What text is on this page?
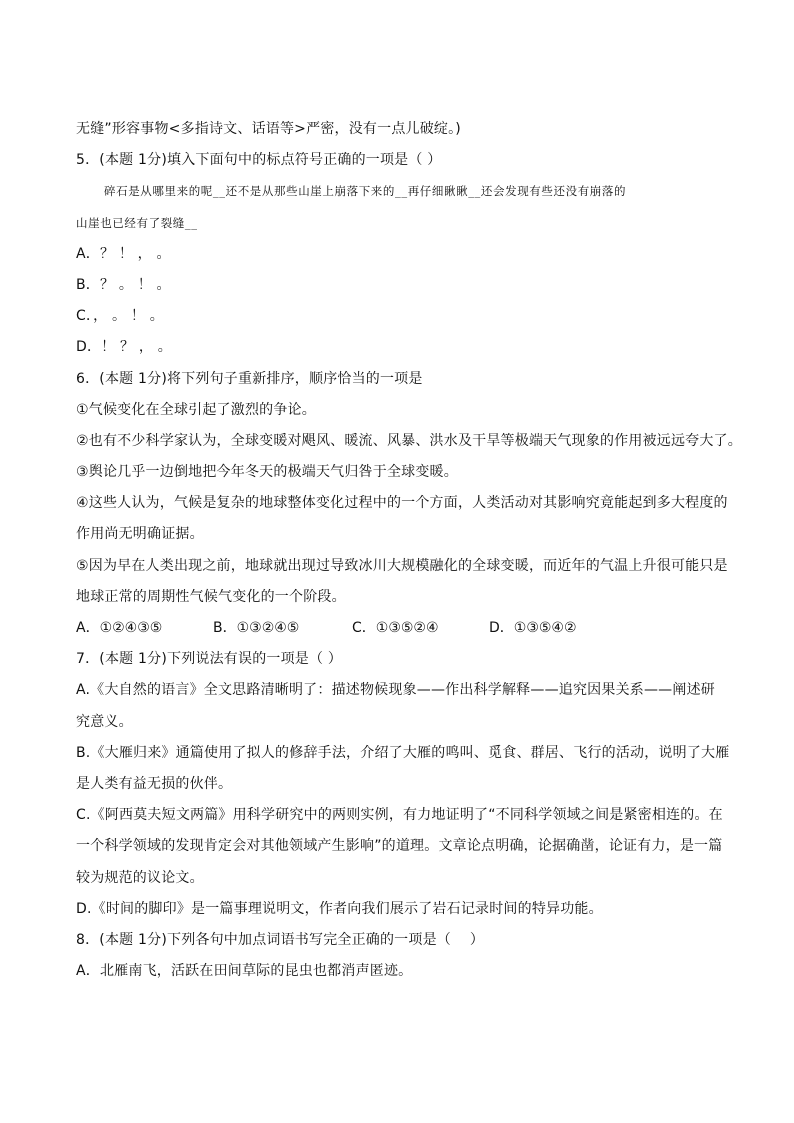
无缝”形容事物<多指诗文、话语等>严密，没有一点儿破绽。)
5．(本题 1分)填入下面句中的标点符号正确的一项是（ ）
碎石是从哪里来的呢__还不是从那些山崖上崩落下来的__再仔细瞅瞅__还会发现有些还没有崩落的
山崖也已经有了裂缝__
A．？ ！ ， 。
B．？ 。 ！ 。
C．， 。 ！ 。
D．！ ？ ， 。
6．(本题 1分)将下列句子重新排序，顺序恰当的一项是
①气候变化在全球引起了激烈的争论。
②也有不少科学家认为，全球变暖对飓风、暖流、风暴、洪水及干旱等极端天气现象的作用被远远夸大了。
③舆论几乎一边倒地把今年冬天的极端天气归咎于全球变暖。
④这些人认为，气候是复杂的地球整体变化过程中的一个方面，人类活动对其影响究竟能起到多大程度的
作用尚无明确证据。
⑤因为早在人类出现之前，地球就出现过导致冰川大规模融化的全球变暖，而近年的气温上升很可能只是
地球正常的周期性气候气变化的一个阶段。
A．①②④③⑤	B．①③②④⑤	C．①③⑤②④	D．①③⑤④②
7．(本题 1分)下列说法有误的一项是（ ）
A.《大自然的语言》全文思路清晰明了：描述物候现象——作出科学解释——追究因果关系——阐述研
究意义。
B.《大雁归来》通篇使用了拟人的修辞手法，介绍了大雁的鸣叫、觅食、群居、飞行的活动，说明了大雁
是人类有益无损的伙伴。
C.《阿西莫夫短文两篇》用科学研究中的两则实例，有力地证明了“不同科学领域之间是紧密相连的。在
一个科学领域的发现肯定会对其他领域产生影响”的道理。文章论点明确，论据确凿，论证有力，是一篇
较为规范的议论文。
D.《时间的脚印》是一篇事理说明文，作者向我们展示了岩石记录时间的特异功能。
8．(本题 1分)下列各句中加点词语书写完全正确的一项是（　 ）
A．北雁南飞，活跃在田间草际的昆虫也都消声匿迹。
